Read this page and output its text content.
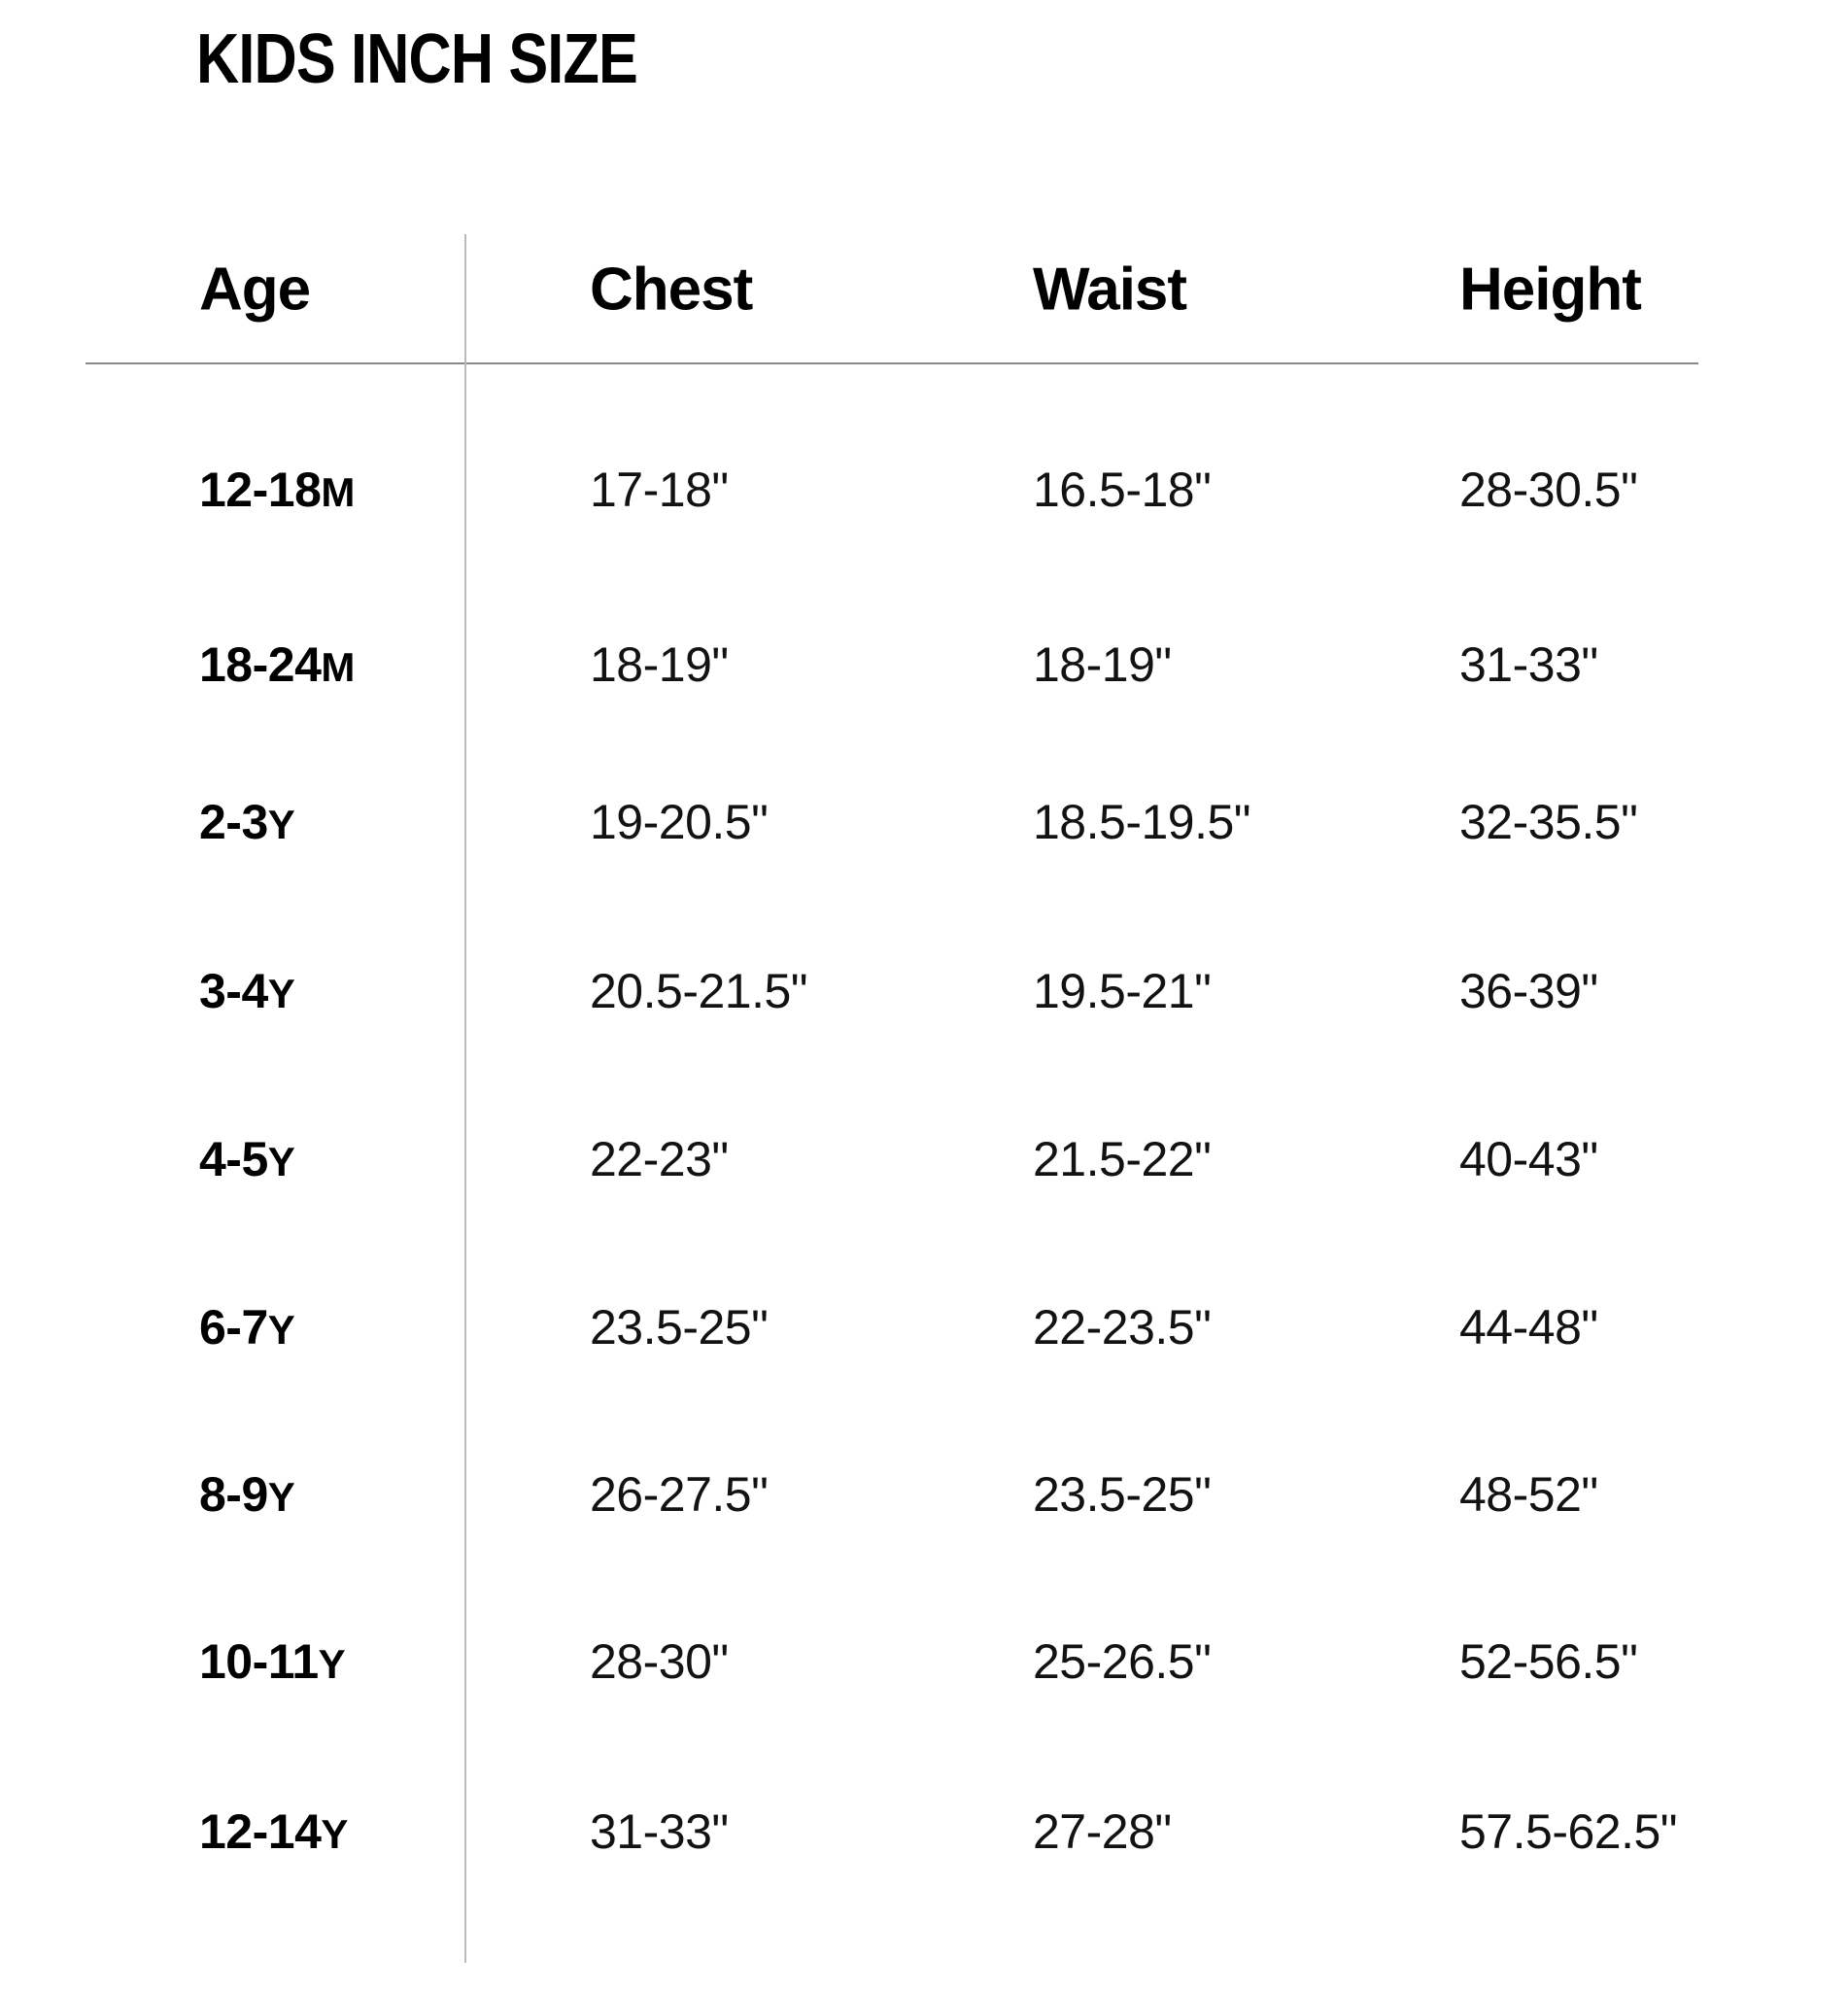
KIDS INCH SIZE
Age	Chest	Waist	Height
12-18M	17-18"	16.5-18"	28-30.5"
18-24M	18-19"	18-19"	31-33"
2-3Y	19-20.5"	18.5-19.5"	32-35.5"
3-4Y	20.5-21.5"	19.5-21"	36-39"
4-5Y	22-23"	21.5-22"	40-43"
6-7Y	23.5-25"	22-23.5"	44-48"
8-9Y	26-27.5"	23.5-25"	48-52"
10-11Y	28-30"	25-26.5"	52-56.5"
12-14Y	31-33"	27-28"	57.5-62.5"
